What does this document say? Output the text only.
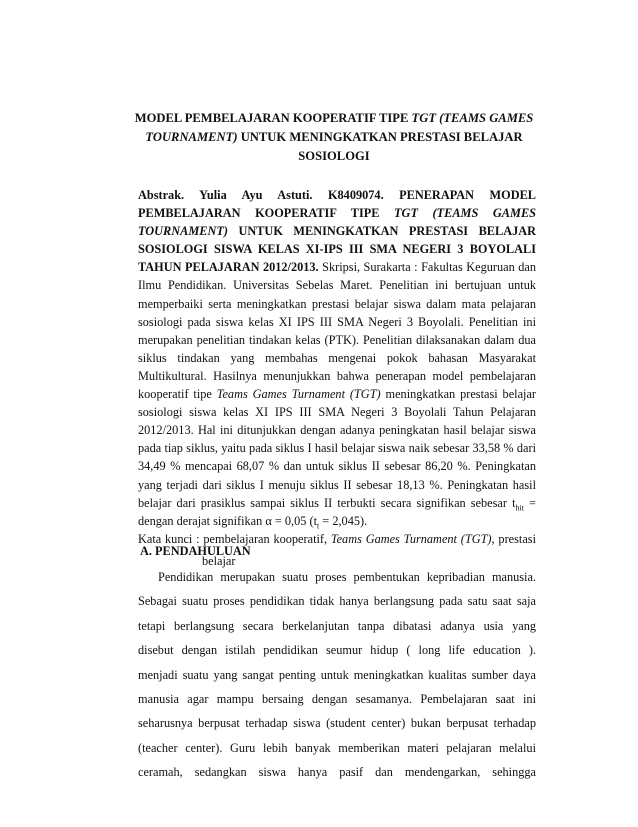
MODEL PEMBELAJARAN KOOPERATIF TIPE TGT (TEAMS GAMES
TOURNAMENT) UNTUK MENINGKATKAN PRESTASI BELAJAR
SOSIOLOGI
Abstrak. Yulia Ayu Astuti. K8409074. PENERAPAN MODEL
PEMBELAJARAN KOOPERATIF TIPE TGT (TEAMS GAMES
TOURNAMENT) UNTUK MENINGKATKAN PRESTASI BELAJAR
SOSIOLOGI SISWA KELAS XI-IPS III SMA NEGERI 3 BOYOLALI
TAHUN PELAJARAN 2012/2013. Skripsi, Surakarta : Fakultas Keguruan dan
Ilmu Pendidikan. Universitas Sebelas Maret. Penelitian ini bertujuan untuk
memperbaiki serta meningkatkan prestasi belajar siswa dalam mata pelajaran
sosiologi pada siswa kelas XI IPS III SMA Negeri 3 Boyolali. Penelitian ini
merupakan penelitian tindakan kelas (PTK). Penelitian dilaksanakan dalam dua
siklus tindakan yang membahas mengenai pokok bahasan Masyarakat
Multikultural. Hasilnya menunjukkan bahwa penerapan model pembelajaran
kooperatif tipe Teams Games Turnament (TGT) meningkatkan prestasi belajar
sosiologi siswa kelas XI IPS III SMA Negeri 3 Boyolali Tahun Pelajaran
2012/2013. Hal ini ditunjukkan dengan adanya peningkatan hasil belajar siswa
pada tiap siklus, yaitu pada siklus I hasil belajar siswa naik sebesar 33,58 % dari
34,49 % mencapai 68,07 % dan untuk siklus II sebesar 86,20 %. Peningkatan
yang terjadi dari siklus I menuju siklus II sebesar 18,13 %. Peningkatan hasil
belajar dari prasiklus sampai siklus II terbukti secara signifikan sebesar $t_{hit}$ =
dengan derajat signifikan α = 0,05 $(t_t = 2,045)$.
Kata kunci : pembelajaran kooperatif, Teams Games Turnament (TGT), prestasi
belajar
A. PENDAHULUAN
Pendidikan merupakan suatu proses pembentukan kepribadian manusia.
Sebagai suatu proses pendidikan tidak hanya berlangsung pada satu saat saja
tetapi berlangsung secara berkelanjutan tanpa dibatasi adanya usia yang
disebut dengan istilah pendidikan seumur hidup ( long life education ).
menjadi suatu yang sangat penting untuk meningkatkan kualitas sumber daya
manusia agar mampu bersaing dengan sesamanya. Pembelajaran saat ini
seharusnya berpusat terhadap siswa (student center) bukan berpusat terhadap
(teacher center). Guru lebih banyak memberikan materi pelajaran melalui
ceramah, sedangkan siswa hanya pasif dan mendengarkan, sehingga
